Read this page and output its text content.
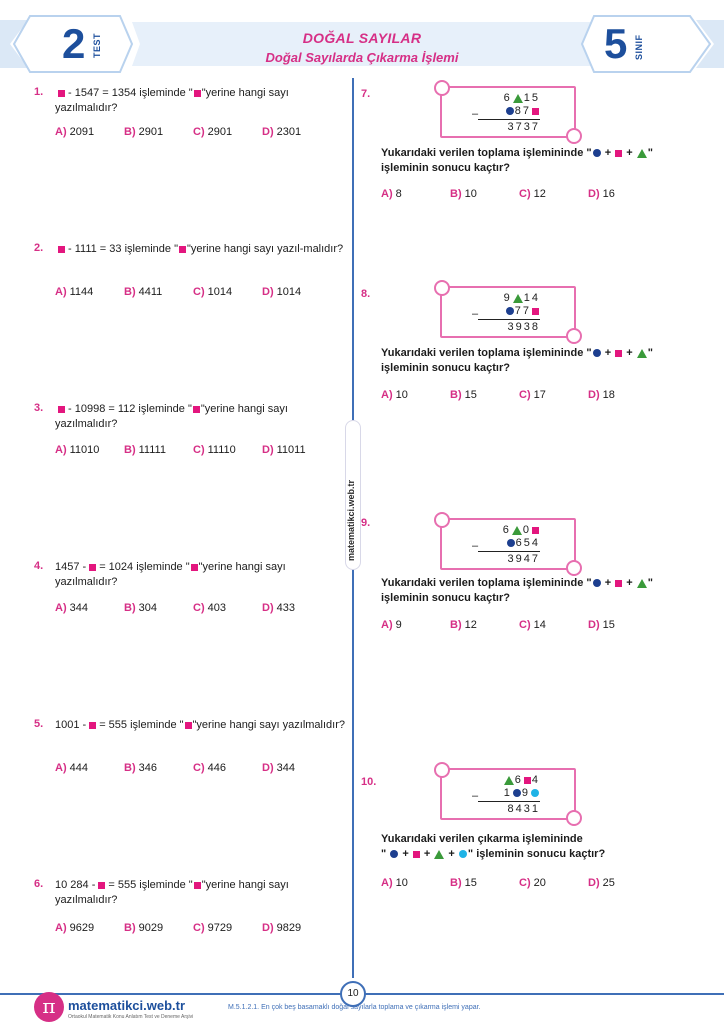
2 TEST	DOĞAL SAYILAR
Doğal Sayılarda Çıkarma İşlemi	5 SINIF
matematikci.web.tr
1.	- 1547 = 1354 işleminde " "yerine hangi sayı yazılmalıdır?
A) 2091	B) 2901	C) 2901	D) 2301
2.	- 1111 = 33 işleminde " "yerine hangi sayı yazıl-malıdır?
A) 1144	B) 4411	C) 1014	D) 1014
3.	- 10998 = 112 işleminde " "yerine hangi sayı yazılmalıdır?
A) 11010 B) 11111 C) 11110 D) 11011
4. 1457 - = 1024 işleminde " "yerine hangi sayı yazılmalıdır?
A) 344	B) 304	C) 403	D) 433
5. 1001 - = 555 işleminde " "yerine hangi sayı yazılmalıdır?
A) 444	B) 346	C) 446	D) 344
6. 10 284 - = 555 işleminde " "yerine hangi sayı yazılmalıdır?
A) 9629	B) 9029	C) 9729	D) 9829
7.	6 15
–	87
3737
Yukarıdaki verilen toplama işlemininde " +  + "
işleminin sonucu kaçtır?
A) 8	B) 10	C) 12	D) 16
8.	9 14
–	77
3938
Yukarıdaki verilen toplama işlemininde " +  + "
işleminin sonucu kaçtır?
A) 10	B) 15	C) 17	D) 18
9.
6 0
–	654
3947
Yukarıdaki verilen toplama işlemininde " +  + "
işleminin sonucu kaçtır?
A) 9	B) 12	C) 14	D) 15
10.	6 4
–	1 9
8431
Yukarıdaki verilen çıkarma işlemininde
"  +  +  + " işleminin sonucu kaçtır?
A) 10	B) 15	C) 20	D) 25
10
π matematikci.web.tr
Ortaokul Matematik Konu Anlatım Test ve Deneme Arşivi
M.5.1.2.1. En çok beş basamaklı doğal sayılarla toplama ve çıkarma işlemi yapar.
